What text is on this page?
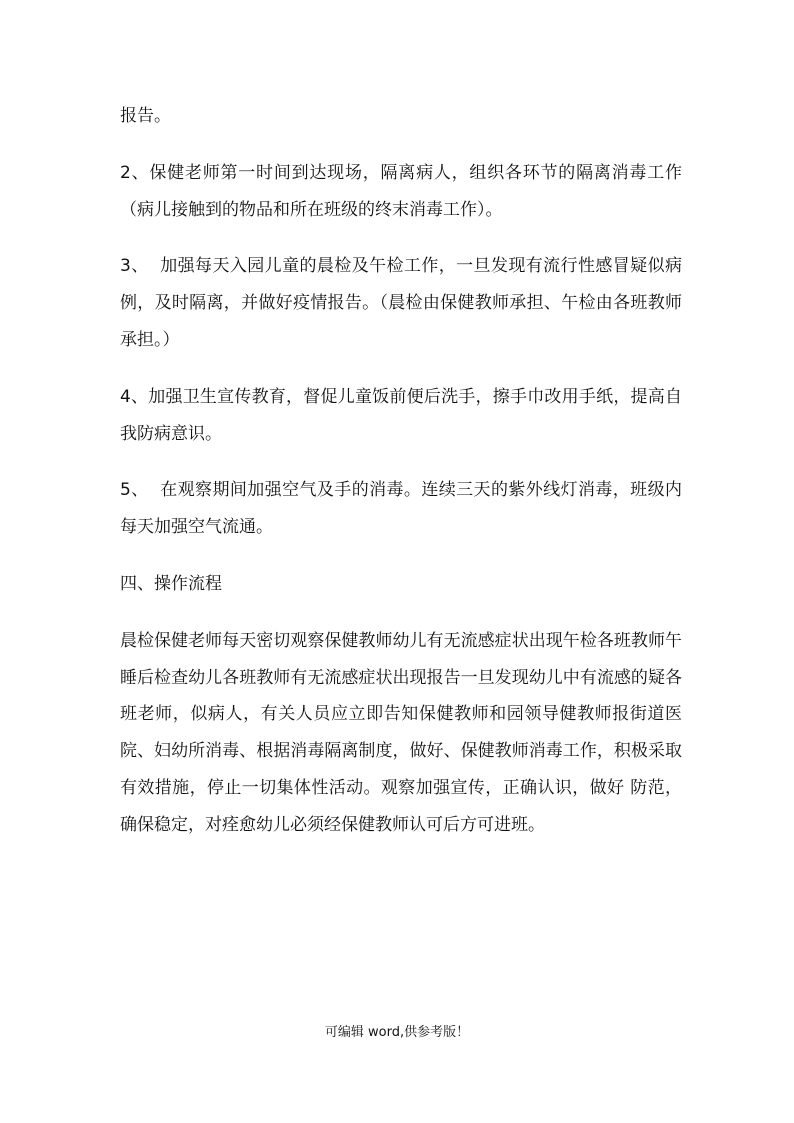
报告。

2、保健老师第一时间到达现场，隔离病人，组织各环节的隔离消毒工作（病儿接触到的物品和所在班级的终末消毒工作）。

3、  加强每天入园儿童的晨检及午检工作，一旦发现有流行性感冒疑似病例，及时隔离，并做好疫情报告。（晨检由保健教师承担、午检由各班教师承担。）

4、加强卫生宣传教育，督促儿童饭前便后洗手，擦手巾改用手纸，提高自我防病意识。

5、  在观察期间加强空气及手的消毒。连续三天的紫外线灯消毒，班级内每天加强空气流通。

四、操作流程

晨检保健老师每天密切观察保健教师幼儿有无流感症状出现午检各班教师午睡后检查幼儿各班教师有无流感症状出现报告一旦发现幼儿中有流感的疑各班老师，似病人，有关人员应立即告知保健教师和园领导健教师报街道医院、妇幼所消毒、根据消毒隔离制度，做好、保健教师消毒工作，积极采取有效措施，停止一切集体性活动。观察加强宣传，正确认识，做好 防范，确保稳定，对痊愈幼儿必须经保健教师认可后方可进班。

可编辑 word,供参考版！
